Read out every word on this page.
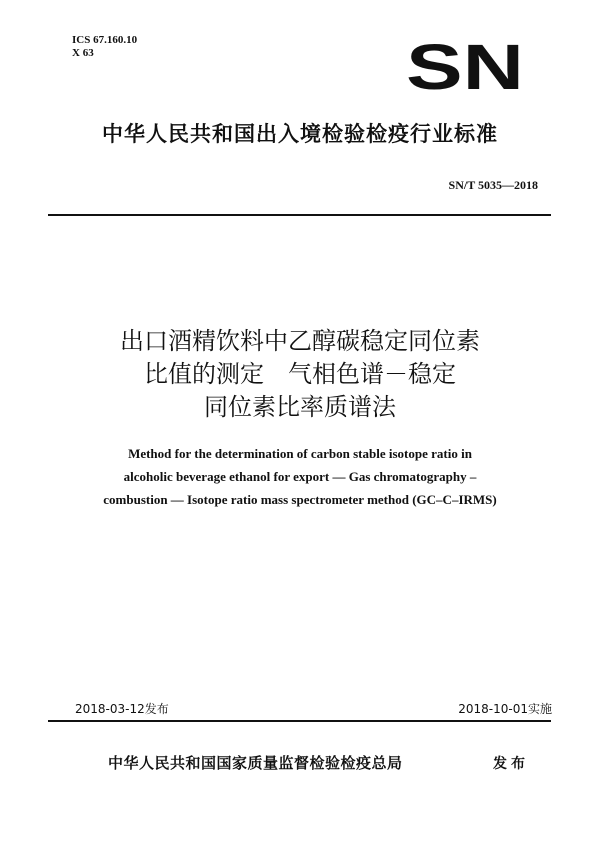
ICS 67.160.10
X 63	SN
中华人民共和国出入境检验检疫行业标准
SN/T 5035—2018
出口酒精饮料中乙醇碳稳定同位素
比值的测定　气相色谱－稳定
同位素比率质谱法
Method for the determination of carbon stable isotope ratio in
alcoholic beverage ethanol for export — Gas chromatography –
combustion — Isotope ratio mass spectrometer method (GC–C–IRMS)
2018-03-12发布	2018-10-01实施
中华人民共和国国家质量监督检验检疫总局	发布
